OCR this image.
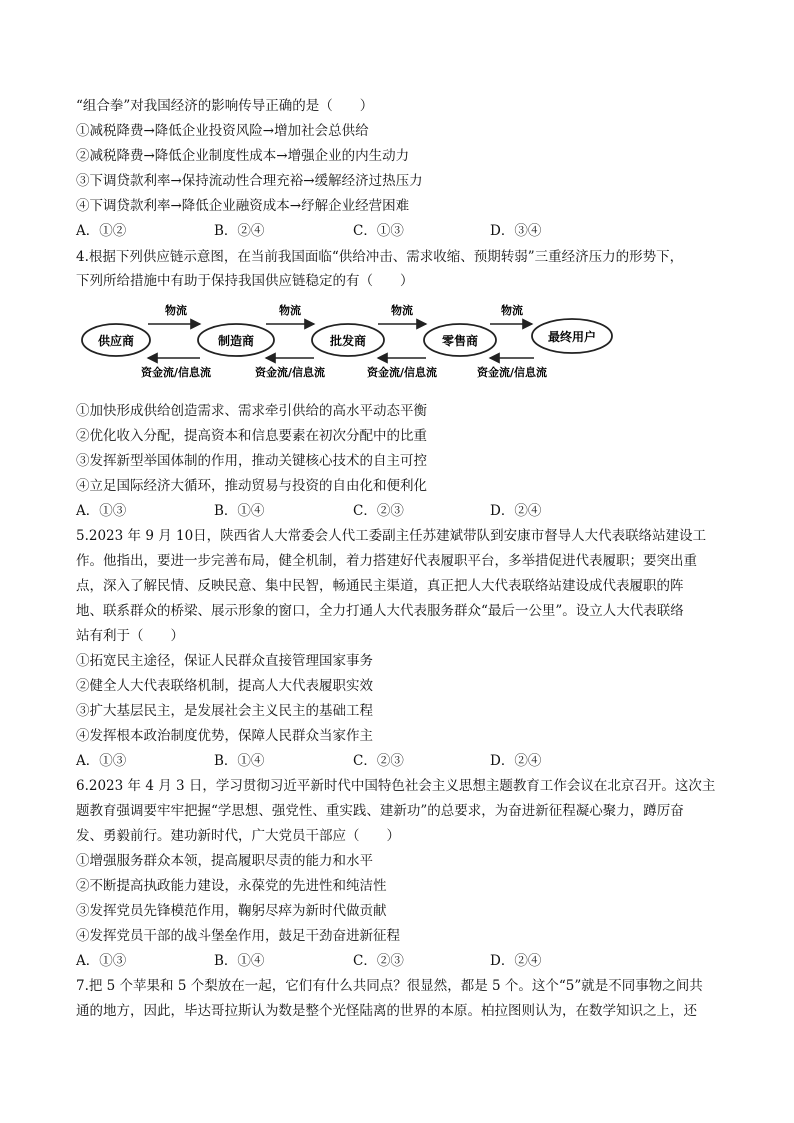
“组合拳”对我国经济的影响传导正确的是（　　）
①减税降费→降低企业投资风险→增加社会总供给
②减税降费→降低企业制度性成本→增强企业的内生动力
③下调贷款利率→保持流动性合理充裕→缓解经济过热压力
④下调贷款利率→降低企业融资成本→纾解企业经营困难
A．①②	B．②④	C．①③	D．③④
4.根据下列供应链示意图，在当前我国面临“供给冲击、需求收缩、预期转弱”三重经济压力的形势下，
下列所给措施中有助于保持我国供应链稳定的有（　　）
供应商	制造商	批发商	零售商	最终用户
物流	物流	物流	物流
资金流/信息流	资金流/信息流	资金流/信息流	资金流/信息流
①加快形成供给创造需求、需求牵引供给的高水平动态平衡
②优化收入分配，提高资本和信息要素在初次分配中的比重
③发挥新型举国体制的作用，推动关键核心技术的自主可控
④立足国际经济大循环，推动贸易与投资的自由化和便利化
A．①③	B．①④	C．②③	D．②④
5.2023 年 9 月 10日，陕西省人大常委会人代工委副主任苏建斌带队到安康市督导人大代表联络站建设工
作。他指出，要进一步完善布局，健全机制，着力搭建好代表履职平台，多举措促进代表履职；要突出重
点，深入了解民情、反映民意、集中民智，畅通民主渠道，真正把人大代表联络站建设成代表履职的阵
地、联系群众的桥梁、展示形象的窗口，全力打通人大代表服务群众“最后一公里”。设立人大代表联络
站有利于（　　）
①拓宽民主途径，保证人民群众直接管理国家事务
②健全人大代表联络机制，提高人大代表履职实效
③扩大基层民主，是发展社会主义民主的基础工程
④发挥根本政治制度优势，保障人民群众当家作主
A．①③	B．①④	C．②③	D．②④
6.2023 年 4 月 3 日，学习贯彻习近平新时代中国特色社会主义思想主题教育工作会议在北京召开。这次主
题教育强调要牢牢把握“学思想、强党性、重实践、建新功”的总要求，为奋进新征程凝心聚力，蹲厉奋
发、勇毅前行。建功新时代，广大党员干部应（　　）
①增强服务群众本领，提高履职尽责的能力和水平
②不断提高执政能力建设，永葆党的先进性和纯洁性
③发挥党员先锋模范作用，鞠躬尽瘁为新时代做贡献
④发挥党员干部的战斗堡垒作用，鼓足干劲奋进新征程
A．①③	B．①④	C．②③	D．②④
7.把 5 个苹果和 5 个梨放在一起，它们有什么共同点？很显然，都是 5 个。这个“5”就是不同事物之间共
通的地方，因此，毕达哥拉斯认为数是整个光怪陆离的世界的本原。柏拉图则认为，在数学知识之上，还
